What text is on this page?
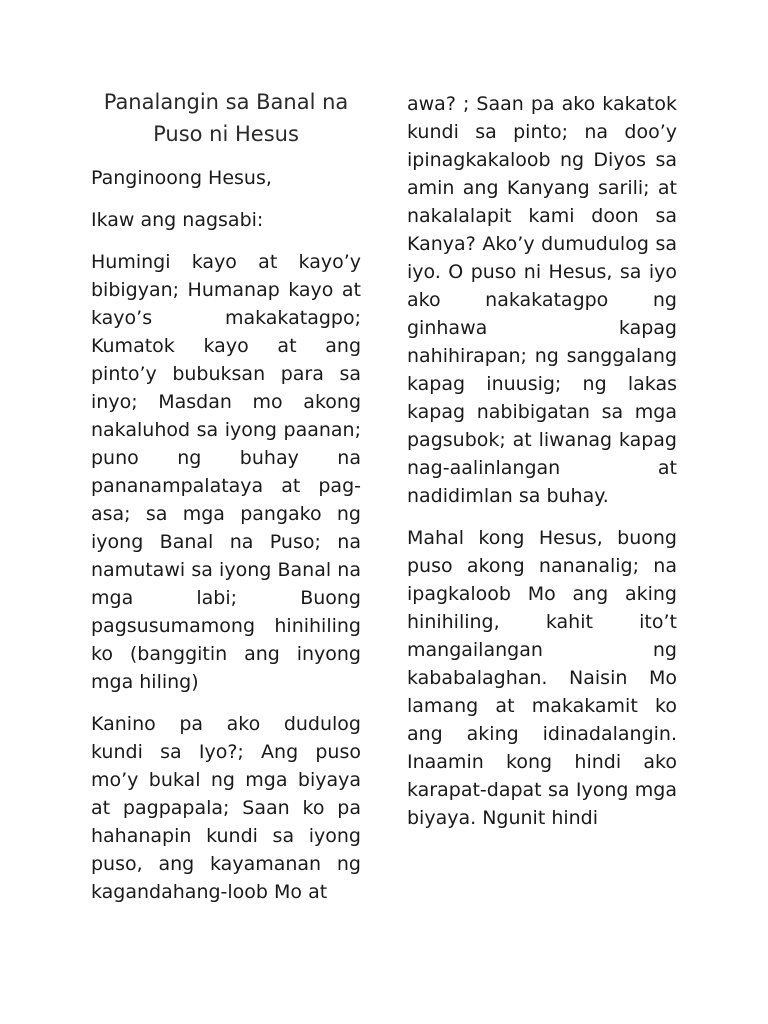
Panalangin sa Banal na Puso ni Hesus

Panginoong Hesus,

Ikaw ang nagsabi:

Humingi kayo at kayo’y bibigyan; Humanap kayo at kayo’s makakatagpo; Kumatok kayo at ang pinto’y bubuksan para sa inyo; Masdan mo akong nakaluhod sa iyong paanan; puno ng buhay na pananampalataya at pag-asa; sa mga pangako ng iyong Banal na Puso; na namutawi sa iyong Banal na mga labi; Buong pagsusumamong hinihiling ko (banggitin ang inyong mga hiling)

Kanino pa ako dudulog kundi sa Iyo?; Ang puso mo’y bukal ng mga biyaya at pagpapala; Saan ko pa hahanapin kundi sa iyong puso, ang kayamanan ng kagandahang-loob Mo at

awa? ; Saan pa ako kakatok kundi sa pinto; na doo’y ipinagkakaloob ng Diyos sa amin ang Kanyang sarili; at nakalalapit kami doon sa Kanya? Ako’y dumudulog sa iyo. O puso ni Hesus, sa iyo ako nakakatagpo ng ginhawa kapag nahihirapan; ng sanggalang kapag inuusig; ng lakas kapag nabibigatan sa mga pagsubok; at liwanag kapag nag-aalinlangan at nadidimlan sa buhay.

Mahal kong Hesus, buong puso akong nananalig; na ipagkaloob Mo ang aking hinihiling, kahit ito’t mangailangan ng kababalaghan. Naisin Mo lamang at makakamit ko ang aking idinadalangin. Inaamin kong hindi ako karapat-dapat sa Iyong mga biyaya. Ngunit hindi
